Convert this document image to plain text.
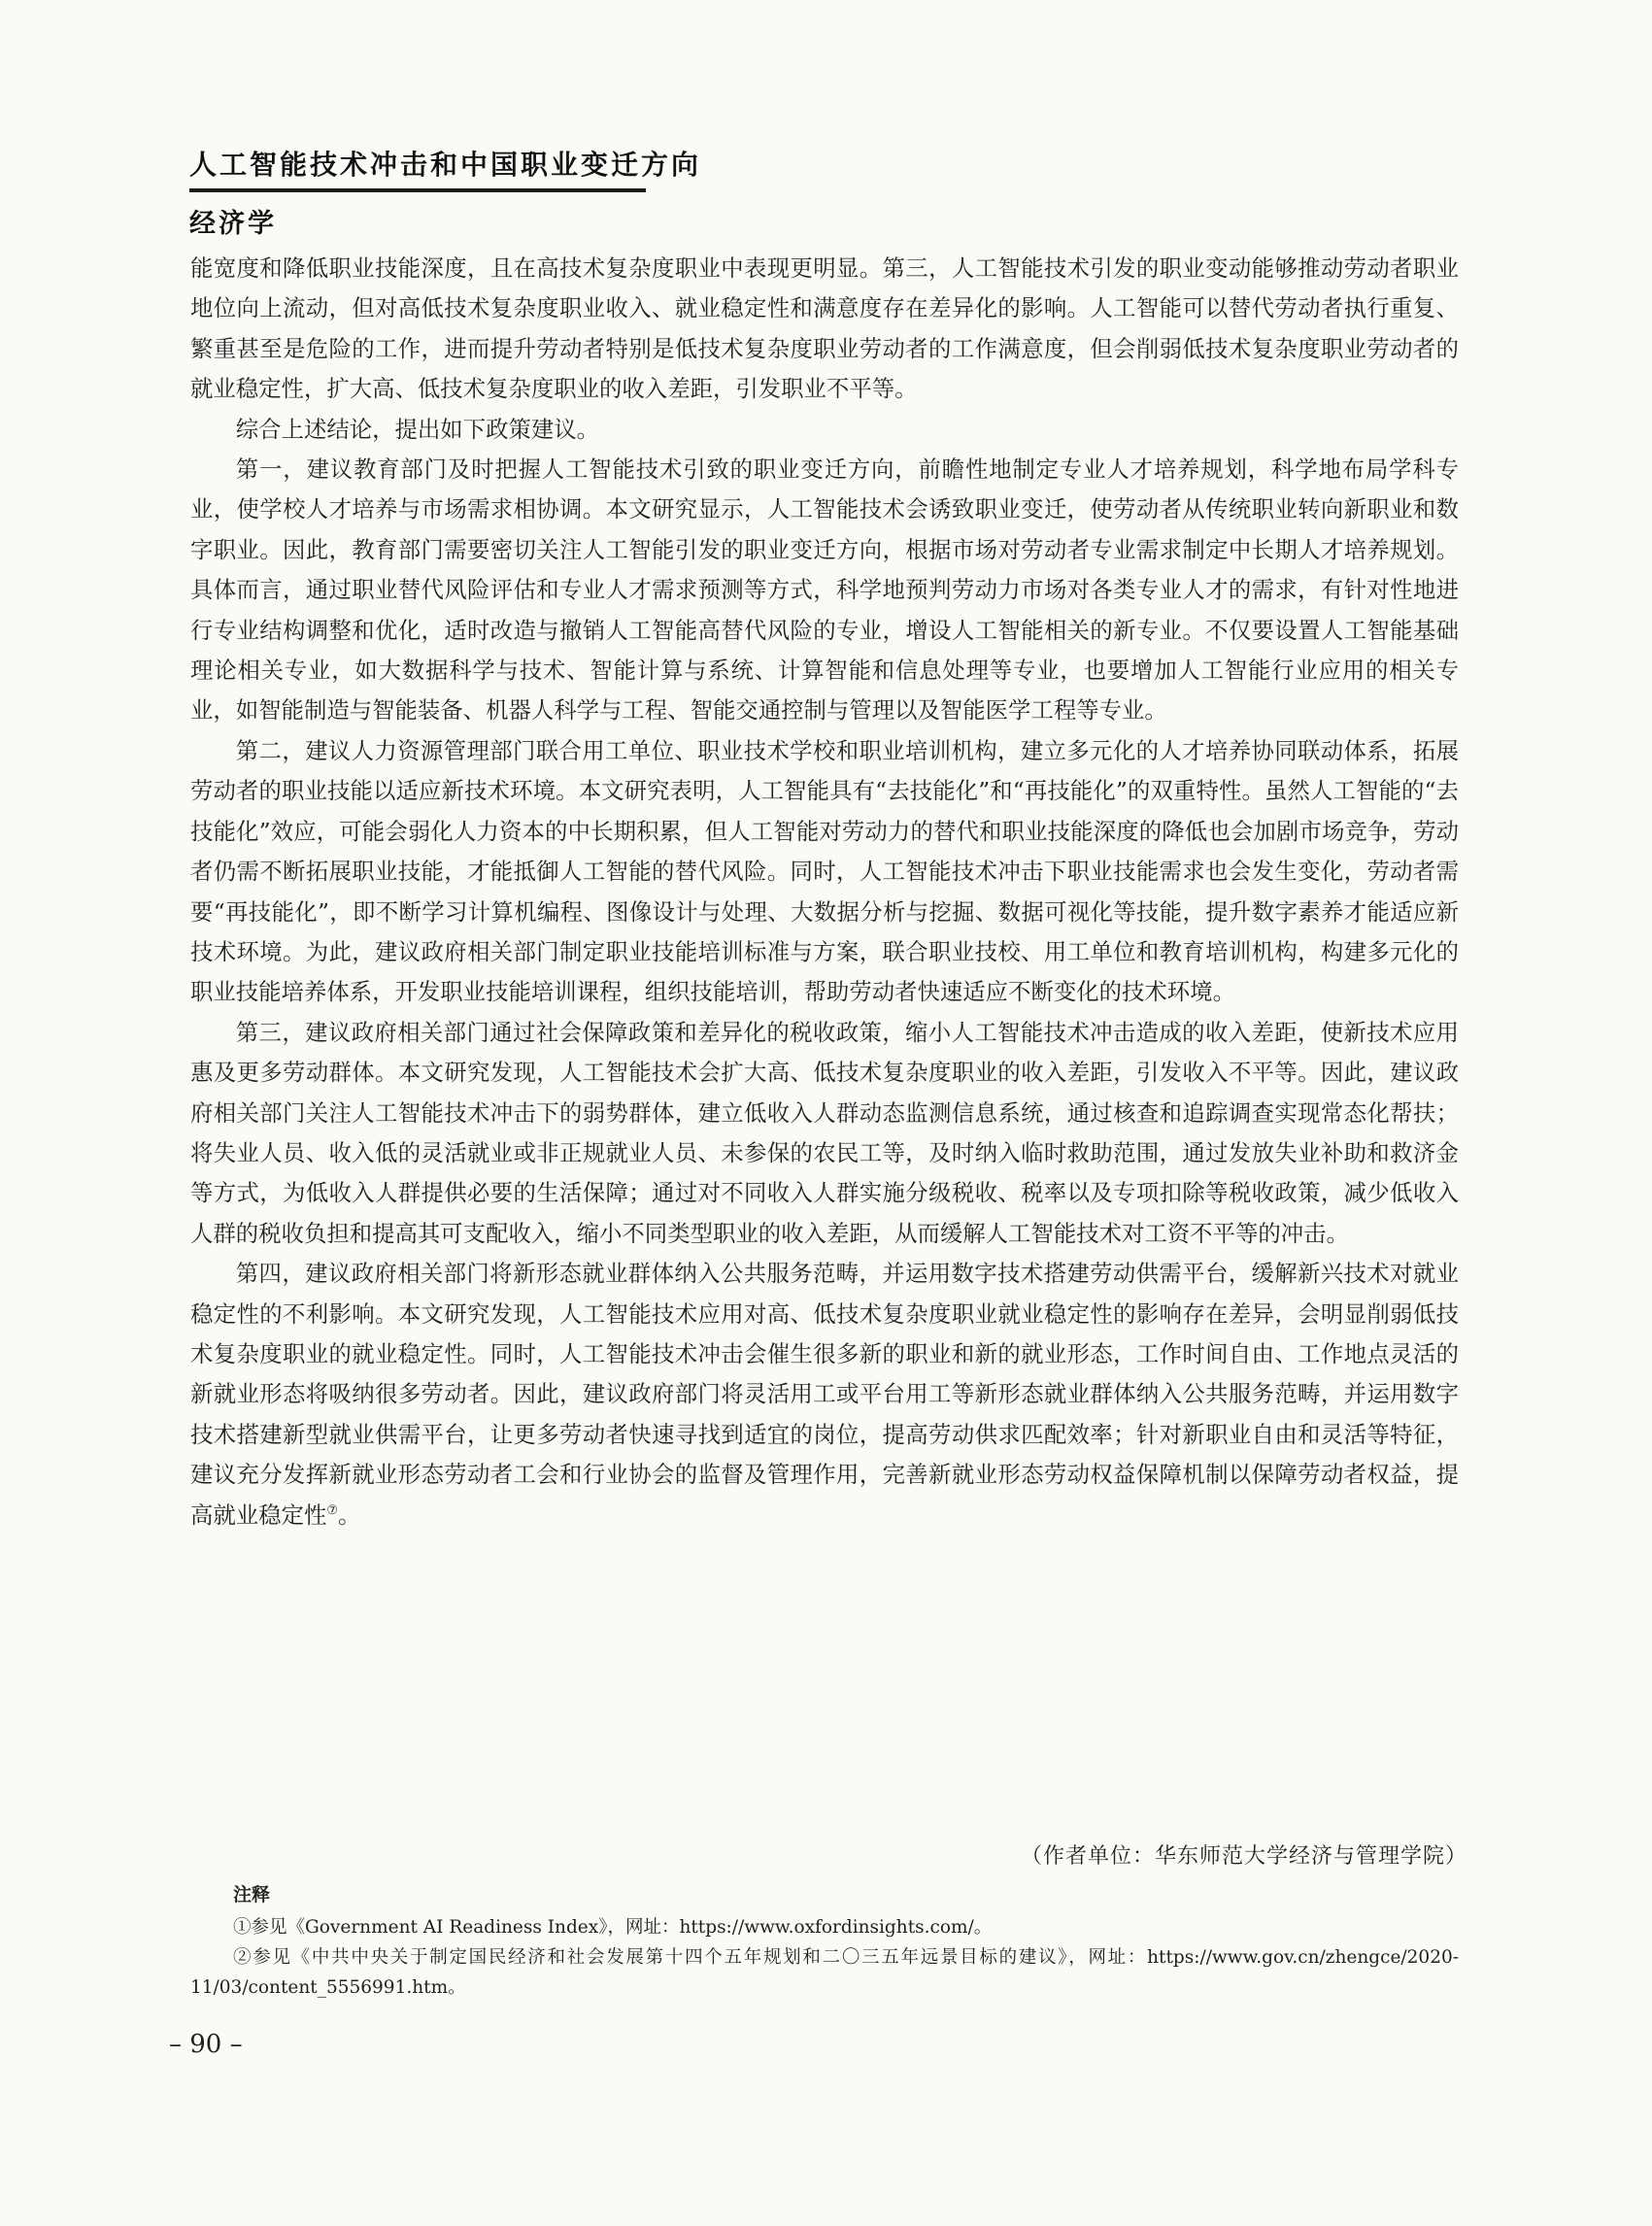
人工智能技术冲击和中国职业变迁方向
经济学

能宽度和降低职业技能深度，且在高技术复杂度职业中表现更明显。第三，人工智能技术引发的职业变动能够推动劳动者职业地位向上流动，但对高低技术复杂度职业收入、就业稳定性和满意度存在差异化的影响。人工智能可以替代劳动者执行重复、繁重甚至是危险的工作，进而提升劳动者特别是低技术复杂度职业劳动者的工作满意度，但会削弱低技术复杂度职业劳动者的就业稳定性，扩大高、低技术复杂度职业的收入差距，引发职业不平等。

综合上述结论，提出如下政策建议。

第一，建议教育部门及时把握人工智能技术引致的职业变迁方向，前瞻性地制定专业人才培养规划，科学地布局学科专业，使学校人才培养与市场需求相协调。本文研究显示，人工智能技术会诱致职业变迁，使劳动者从传统职业转向新职业和数字职业。因此，教育部门需要密切关注人工智能引发的职业变迁方向，根据市场对劳动者专业需求制定中长期人才培养规划。具体而言，通过职业替代风险评估和专业人才需求预测等方式，科学地预判劳动力市场对各类专业人才的需求，有针对性地进行专业结构调整和优化，适时改造与撤销人工智能高替代风险的专业，增设人工智能相关的新专业。不仅要设置人工智能基础理论相关专业，如大数据科学与技术、智能计算与系统、计算智能和信息处理等专业，也要增加人工智能行业应用的相关专业，如智能制造与智能装备、机器人科学与工程、智能交通控制与管理以及智能医学工程等专业。

第二，建议人力资源管理部门联合用工单位、职业技术学校和职业培训机构，建立多元化的人才培养协同联动体系，拓展劳动者的职业技能以适应新技术环境。本文研究表明，人工智能具有“去技能化”和“再技能化”的双重特性。虽然人工智能的“去技能化”效应，可能会弱化人力资本的中长期积累，但人工智能对劳动力的替代和职业技能深度的降低也会加剧市场竞争，劳动者仍需不断拓展职业技能，才能抵御人工智能的替代风险。同时，人工智能技术冲击下职业技能需求也会发生变化，劳动者需要“再技能化”，即不断学习计算机编程、图像设计与处理、大数据分析与挖掘、数据可视化等技能，提升数字素养才能适应新技术环境。为此，建议政府相关部门制定职业技能培训标准与方案，联合职业技校、用工单位和教育培训机构，构建多元化的职业技能培养体系，开发职业技能培训课程，组织技能培训，帮助劳动者快速适应不断变化的技术环境。

第三，建议政府相关部门通过社会保障政策和差异化的税收政策，缩小人工智能技术冲击造成的收入差距，使新技术应用惠及更多劳动群体。本文研究发现，人工智能技术会扩大高、低技术复杂度职业的收入差距，引发收入不平等。因此，建议政府相关部门关注人工智能技术冲击下的弱势群体，建立低收入人群动态监测信息系统，通过核查和追踪调查实现常态化帮扶；将失业人员、收入低的灵活就业或非正规就业人员、未参保的农民工等，及时纳入临时救助范围，通过发放失业补助和救济金等方式，为低收入人群提供必要的生活保障；通过对不同收入人群实施分级税收、税率以及专项扣除等税收政策，减少低收入人群的税收负担和提高其可支配收入，缩小不同类型职业的收入差距，从而缓解人工智能技术对工资不平等的冲击。

第四，建议政府相关部门将新形态就业群体纳入公共服务范畴，并运用数字技术搭建劳动供需平台，缓解新兴技术对就业稳定性的不利影响。本文研究发现，人工智能技术应用对高、低技术复杂度职业就业稳定性的影响存在差异，会明显削弱低技术复杂度职业的就业稳定性。同时，人工智能技术冲击会催生很多新的职业和新的就业形态，工作时间自由、工作地点灵活的新就业形态将吸纳很多劳动者。因此，建议政府部门将灵活用工或平台用工等新形态就业群体纳入公共服务范畴，并运用数字技术搭建新型就业供需平台，让更多劳动者快速寻找到适宜的岗位，提高劳动供求匹配效率；针对新职业自由和灵活等特征，建议充分发挥新就业形态劳动者工会和行业协会的监督及管理作用，完善新就业形态劳动权益保障机制以保障劳动者权益，提高就业稳定性⑦。

（作者单位：华东师范大学经济与管理学院）

注释

①参见《Government AI Readiness Index》，网址：https://www.oxfordinsights.com/。

②参见《中共中央关于制定国民经济和社会发展第十四个五年规划和二〇三五年远景目标的建议》，网址：https://www.gov.cn/zhengce/2020-11/03/content_5556991.htm。

– 90 –
